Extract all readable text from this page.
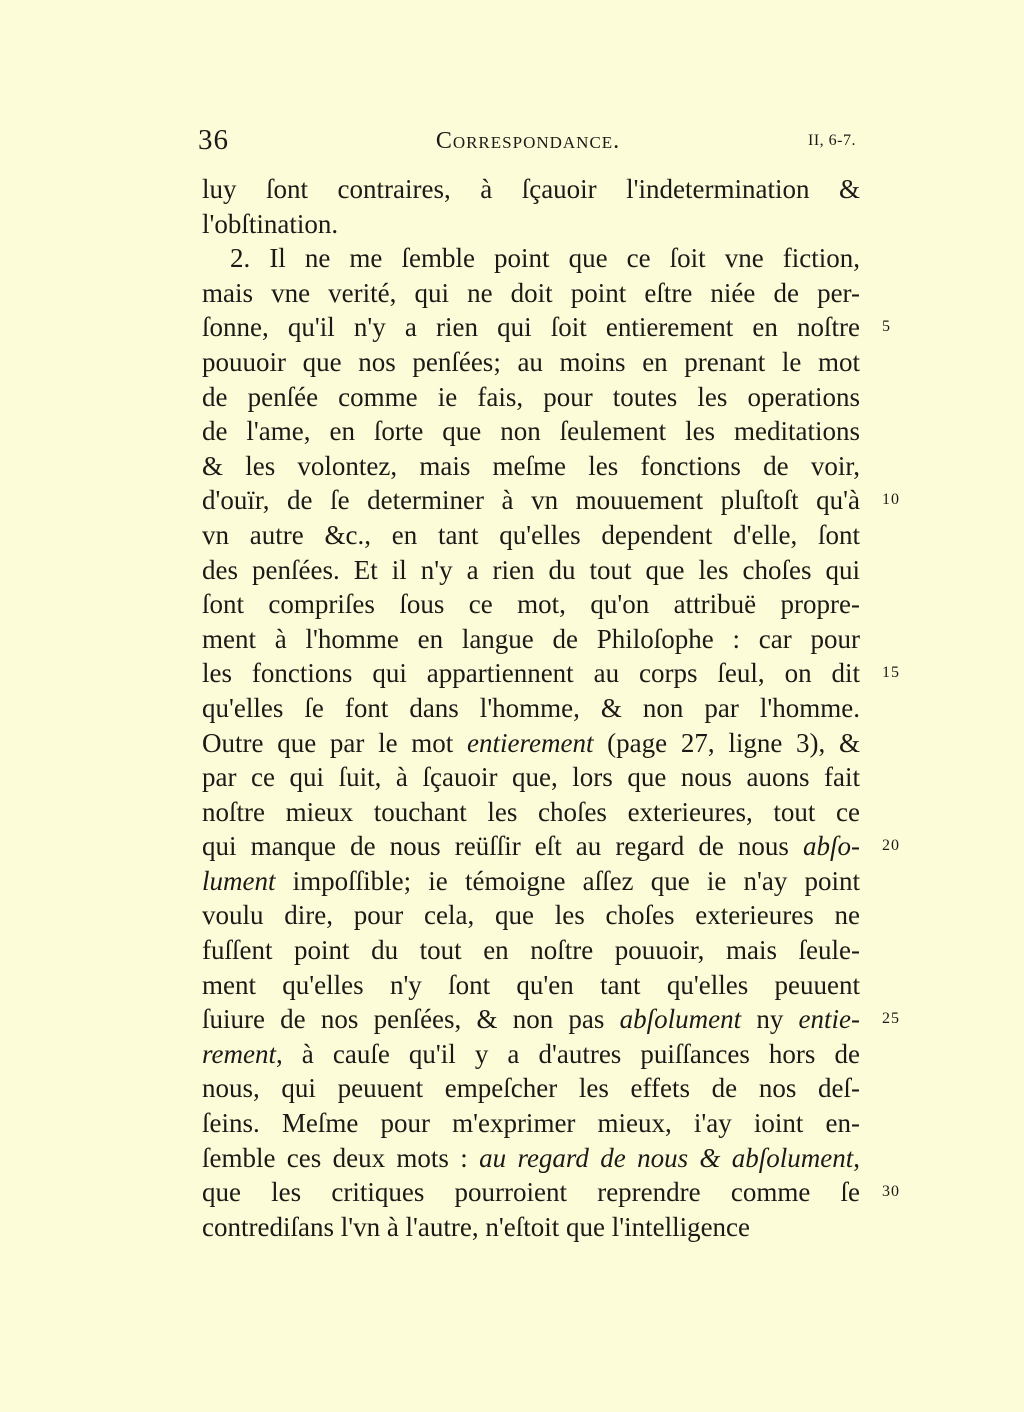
36	Correspondance.	II, 6-7.
luy ſont contraires, à ſçauoir l'indetermination &
l'obſtination.
2. Il ne me ſemble point que ce ſoit vne fiction,
mais vne verité, qui ne doit point eſtre niée de per-
ſonne, qu'il n'y a rien qui ſoit entierement en noſtre 5
pouuoir que nos penſées; au moins en prenant le mot
de penſée comme ie fais, pour toutes les operations
de l'ame, en ſorte que non ſeulement les meditations
& les volontez, mais meſme les fonctions de voir,
d'ouïr, de ſe determiner à vn mouuement pluſtoſt qu'à 10
vn autre &c., en tant qu'elles dependent d'elle, ſont
des penſées. Et il n'y a rien du tout que les choſes qui
ſont compriſes ſous ce mot, qu'on attribuë propre-
ment à l'homme en langue de Philoſophe : car pour
les fonctions qui appartiennent au corps ſeul, on dit 15
qu'elles ſe font dans l'homme, & non par l'homme.
Outre que par le mot entierement (page 27, ligne 3), &
par ce qui ſuit, à ſçauoir que, lors que nous auons fait
noſtre mieux touchant les choſes exterieures, tout ce
qui manque de nous reüſſir eſt au regard de nous abſo- 20
lument impoſſible; ie témoigne aſſez que ie n'ay point
voulu dire, pour cela, que les choſes exterieures ne
fuſſent point du tout en noſtre pouuoir, mais ſeule-
ment qu'elles n'y ſont qu'en tant qu'elles peuuent
ſuiure de nos penſées, & non pas abſolument ny entie- 25
rement, à cauſe qu'il y a d'autres puiſſances hors de
nous, qui peuuent empeſcher les effets de nos deſ-
ſeins. Meſme pour m'exprimer mieux, i'ay ioint en-
ſemble ces deux mots : au regard de nous & abſolument,
que les critiques pourroient reprendre comme ſe 30
contrediſans l'vn à l'autre, n'eſtoit que l'intelligence
